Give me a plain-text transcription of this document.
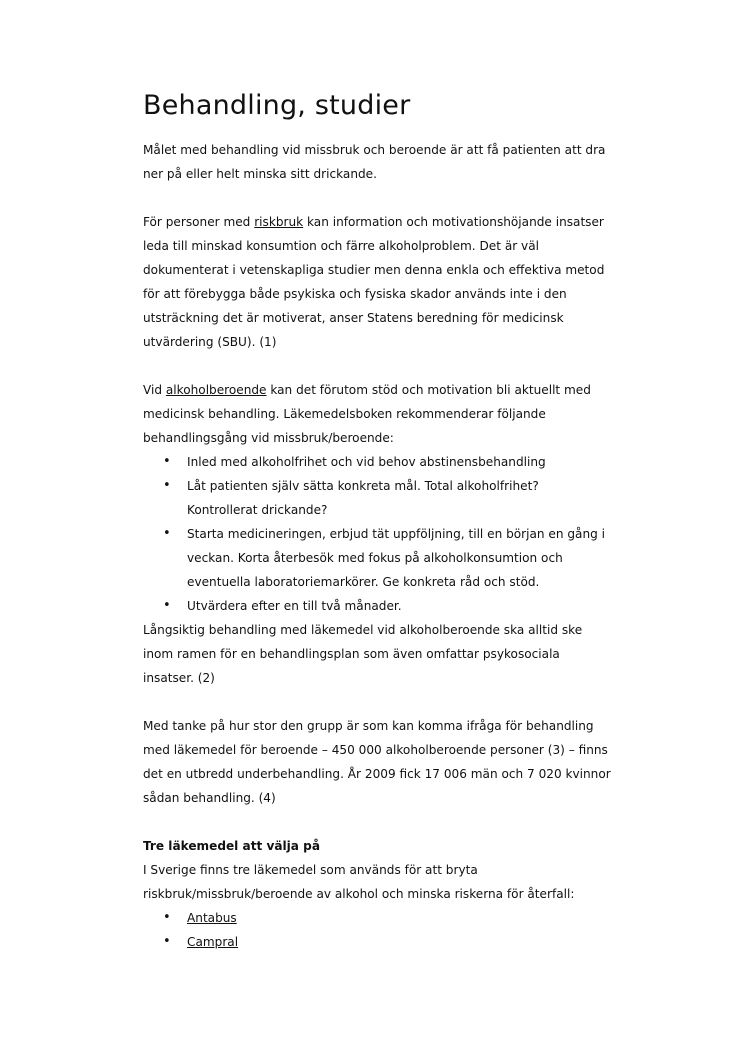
Behandling, studier

Målet med behandling vid missbruk och beroende är att få patienten att dra ner på eller helt minska sitt drickande.

För personer med riskbruk kan information och motivationshöjande insatser leda till minskad konsumtion och färre alkoholproblem. Det är väl dokumenterat i vetenskapliga studier men denna enkla och effektiva metod för att förebygga både psykiska och fysiska skador används inte i den utsträckning det är motiverat, anser Statens beredning för medicinsk utvärdering (SBU). (1)

Vid alkoholberoende kan det förutom stöd och motivation bli aktuellt med medicinsk behandling. Läkemedelsboken rekommenderar följande behandlingsgång vid missbruk/beroende:

• Inled med alkoholfrihet och vid behov abstinensbehandling
• Låt patienten själv sätta konkreta mål. Total alkoholfrihet? Kontrollerat drickande?
• Starta medicineringen, erbjud tät uppföljning, till en början en gång i veckan. Korta återbesök med fokus på alkoholkonsumtion och eventuella laboratoriemarkörer. Ge konkreta råd och stöd.
• Utvärdera efter en till två månader.

Långsiktig behandling med läkemedel vid alkoholberoende ska alltid ske inom ramen för en behandlingsplan som även omfattar psykosociala insatser. (2)

Med tanke på hur stor den grupp är som kan komma ifråga för behandling med läkemedel för beroende – 450 000 alkoholberoende personer (3) – finns det en utbredd underbehandling. År 2009 fick 17 006 män och 7 020 kvinnor sådan behandling. (4)

Tre läkemedel att välja på

I Sverige finns tre läkemedel som används för att bryta riskbruk/missbruk/beroende av alkohol och minska riskerna för återfall:

• Antabus
• Campral
